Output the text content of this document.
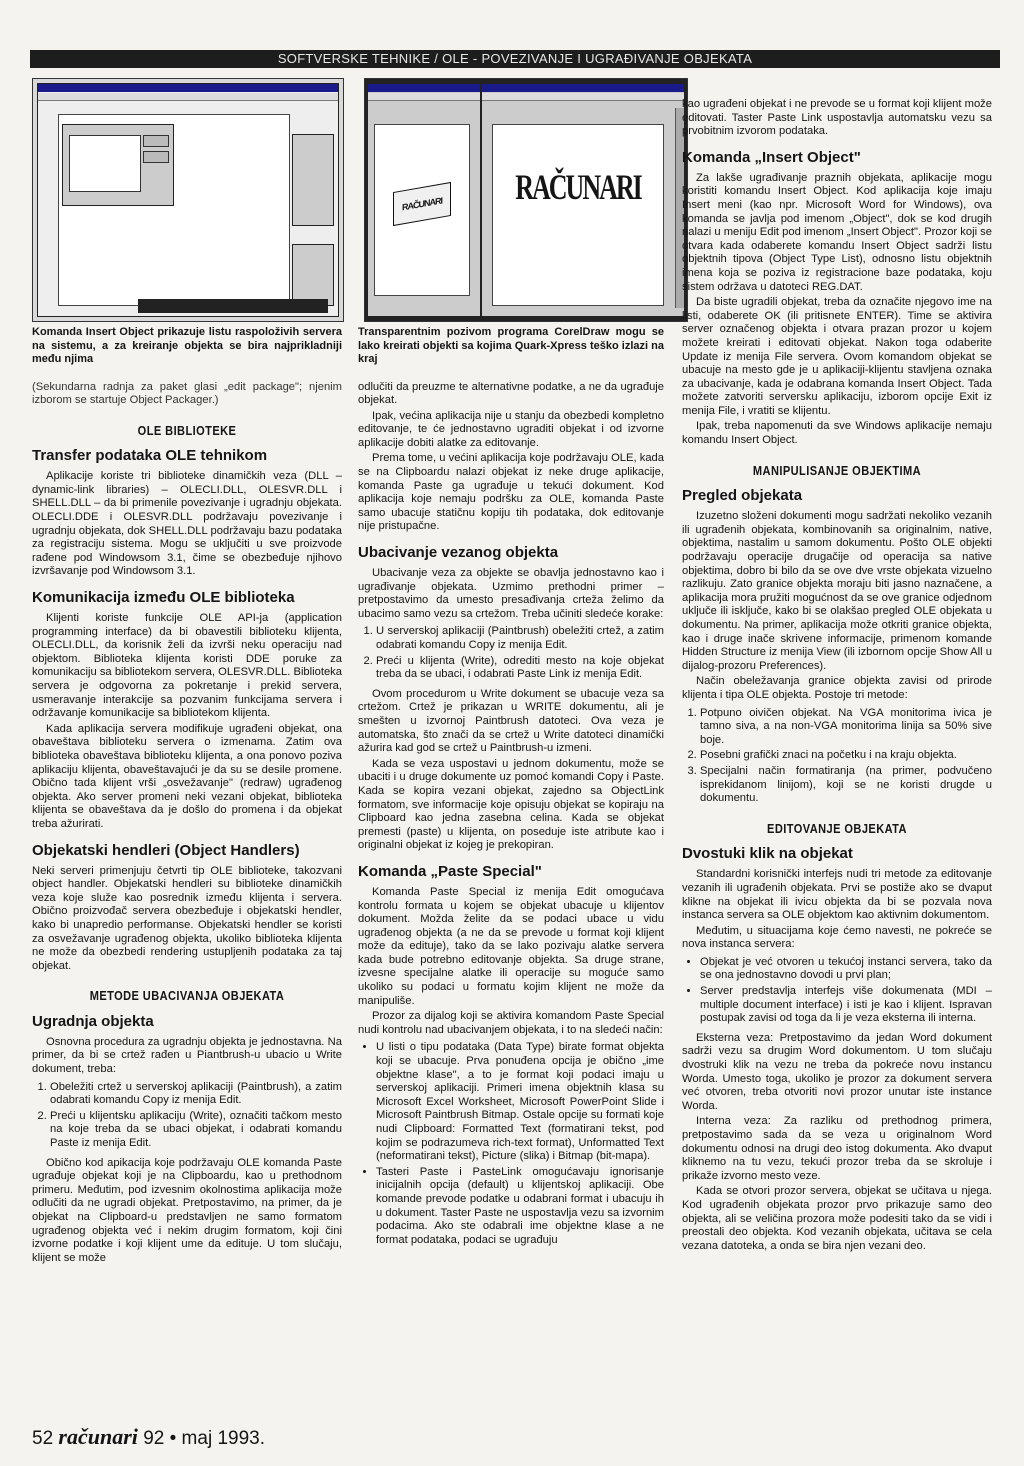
SOFTVERSKE TEHNIKE / OLE - POVEZIVANJE I UGRAĐIVANJE OBJEKATA
RAČUNARI	RAČUNARI

Komanda Insert Object prikazuje listu raspoloživih servera na sistemu, a za kreiranje objekta se bira najprikladniji među njima

(Sekundarna radnja za paket glasi „edit package"; njenim izborom se startuje Object Packager.)

OLE BIBLIOTEKE
Transfer podataka OLE tehnikom

Aplikacije koriste tri biblioteke dinamičkih veza (DLL – dynamic-link libraries) – OLECLI.DLL, OLESVR.DLL i SHELL.DLL – da bi primenile povezivanje i ugradnju objekata. OLECLI.DDE i OLESVR.DLL podržavaju povezivanje i ugradnju objekata, dok SHELL.DLL podržavaju bazu podataka za registraciju sistema. Mogu se uključiti u sve proizvode rađene pod Windowsom 3.1, čime se obezbeđuje njihovo izvršavanje pod Windowsom 3.1.

Komunikacija između OLE biblioteka

Klijenti koriste funkcije OLE API-ja (application programming interface) da bi obavestili biblioteku klijenta, OLECLI.DLL, da korisnik želi da izvrši neku operaciju nad objektom. Biblioteka klijenta koristi DDE poruke za komunikaciju sa bibliotekom servera, OLESVR.DLL. Biblioteka servera je odgovorna za pokretanje i prekid servera, usmeravanje interakcije sa pozvanim funkcijama servera i održavanje komunikacije sa bibliotekom klijenta.

Kada aplikacija servera modifikuje ugrađeni objekat, ona obaveštava biblioteku servera o izmenama. Zatim ova biblioteka obaveštava biblioteku klijenta, a ona ponovo poziva aplikaciju klijenta, obaveštavajući je da su se desile promene. Obično tada klijent vrši „osvežavanje" (redraw) ugrađenog objekta. Ako server promeni neki vezani objekat, biblioteka klijenta se obaveštava da je došlo do promena i da objekat treba ažurirati.

Objekatski hendleri (Object Handlers)

Neki serveri primenjuju četvrti tip OLE biblioteke, takozvani object handler. Objekatski hendleri su biblioteke dinamičkih veza koje služe kao posrednik između klijenta i servera. Obično proizvođač servera obezbeđuje i objekatski hendler, kako bi unapredio performanse. Objekatski hendler se koristi za osvežavanje ugrađenog objekta, ukoliko biblioteka klijenta ne može da obezbedi rendering ustupljenih podataka za taj objekat.

METODE UBACIVANJA OBJEKATA
Ugradnja objekta

Osnovna procedura za ugradnju objekta je jednostavna. Na primer, da bi se crtež rađen u Piantbrush-u ubacio u Write dokument, treba:

1. Obeležiti crtež u serverskoj aplikaciji (Paintbrush), a zatim odabrati komandu Copy iz menija Edit.
2. Preći u klijentsku aplikaciju (Write), označiti tačkom mesto na koje treba da se ubaci objekat, i odabrati komandu Paste iz menija Edit.

Obično kod apikacija koje podržavaju OLE komanda Paste ugrađuje objekat koji je na Clipboardu, kao u prethodnom primeru. Međutim, pod izvesnim okolnostima aplikacija može odlučiti da ne ugradi objekat. Pretpostavimo, na primer, da je objekat na Clipboard-u predstavljen ne samo formatom ugrađenog objekta već i nekim drugim formatom, koji čini izvorne podatke i koji klijent ume da edituje. U tom slučaju, klijent se može

Transparentnim pozivom programa CorelDraw mogu se lako kreirati objekti sa kojima Quark-Xpress teško izlazi na kraj

odlučiti da preuzme te alternativne podatke, a ne da ugrađuje objekat.

Ipak, većina aplikacija nije u stanju da obezbedi kompletno editovanje, te će jednostavno ugraditi objekat i od izvorne aplikacije dobiti alatke za editovanje.

Prema tome, u većini aplikacija koje podržavaju OLE, kada se na Clipboardu nalazi objekat iz neke druge aplikacije, komanda Paste ga ugrađuje u tekući dokument. Kod aplikacija koje nemaju podršku za OLE, komanda Paste samo ubacuje statičnu kopiju tih podataka, dok editovanje nije pristupačne.

Ubacivanje vezanog objekta

Ubacivanje veza za objekte se obavlja jednostavno kao i ugrađivanje objekata. Uzmimo prethodni primer – pretpostavimo da umesto presađivanja crteža želimo da ubacimo samo vezu sa crtežom. Treba učiniti sledeće korake:

1. U serverskoj aplikaciji (Paintbrush) obeležiti crtež, a zatim odabrati komandu Copy iz menija Edit.
2. Preći u klijenta (Write), odrediti mesto na koje objekat treba da se ubaci, i odabrati Paste Link iz menija Edit.

Ovom procedurom u Write dokument se ubacuje veza sa crtežom. Crtež je prikazan u WRITE dokumentu, ali je smešten u izvornoj Paintbrush datoteci. Ova veza je automatska, što znači da se crtež u Write datoteci dinamički ažurira kad god se crtež u Paintbrush-u izmeni.

Kada se veza uspostavi u jednom dokumentu, može se ubaciti i u druge dokumente uz pomoć komandi Copy i Paste. Kada se kopira vezani objekat, zajedno sa ObjectLink formatom, sve informacije koje opisuju objekat se kopiraju na Clipboard kao jedna zasebna celina. Kada se objekat premesti (paste) u klijenta, on poseduje iste atribute kao i originalni objekat iz kojeg je prekopiran.

Komanda „Paste Special"

Komanda Paste Special iz menija Edit omogućava kontrolu formata u kojem se objekat ubacuje u klijentov dokument. Možda želite da se podaci ubace u vidu ugrađenog objekta (a ne da se prevode u format koji klijent može da edituje), tako da se lako pozivaju alatke servera kada bude potrebno editovanje objekta. Sa druge strane, izvesne specijalne alatke ili operacije su moguće samo ukoliko su podaci u formatu kojim klijent ne može da manipuliše.

Prozor za dijalog koji se aktivira komandom Paste Special nudi kontrolu nad ubacivanjem objekata, i to na sledeći način:

• U listi o tipu podataka (Data Type) birate format objekta koji se ubacuje. Prva ponuđena opcija je obično „ime objektne klase", a to je format koji podaci imaju u serverskoj aplikaciji. Primeri imena objektnih klasa su Microsoft Excel Worksheet, Microsoft PowerPoint Slide i Microsoft Paintbrush Bitmap. Ostale opcije su formati koje nudi Clipboard: Formatted Text (formatirani tekst, pod kojim se podrazumeva rich-text format), Unformatted Text (neformatirani tekst), Picture (slika) i Bitmap (bit-mapa).
• Tasteri Paste i PasteLink omogućavaju ignorisanje inicijalnih opcija (default) u klijentskoj aplikaciji. Obe komande prevode podatke u odabrani format i ubacuju ih u dokument. Taster Paste ne uspostavlja vezu sa izvornim podacima. Ako ste odabrali ime objektne klase a ne format podataka, podaci se ugrađuju

kao ugrađeni objekat i ne prevode se u format koji klijent može editovati. Taster Paste Link uspostavlja automatsku vezu sa prvobitnim izvorom podataka.

Komanda „Insert Object"

Za lakše ugrađivanje praznih objekata, aplikacije mogu koristiti komandu Insert Object. Kod aplikacija koje imaju Insert meni (kao npr. Microsoft Word for Windows), ova komanda se javlja pod imenom „Object", dok se kod drugih nalazi u meniju Edit pod imenom „Insert Object". Prozor koji se otvara kada odaberete komandu Insert Object sadrži listu objektnih tipova (Object Type List), odnosno listu objektnih imena koja se poziva iz registracione baze podataka, koju sistem održava u datoteci REG.DAT.

Da biste ugradili objekat, treba da označite njegovo ime na listi, odaberete OK (ili pritisnete ENTER). Time se aktivira server označenog objekta i otvara prazan prozor u kojem možete kreirati i editovati objekat. Nakon toga odaberite Update iz menija File servera. Ovom komandom objekat se ubacuje na mesto gde je u aplikaciji-klijentu stavljena oznaka za ubacivanje, kada je odabrana komanda Insert Object. Tada možete zatvoriti serversku aplikaciju, izborom opcije Exit iz menija File, i vratiti se klijentu.

Ipak, treba napomenuti da sve Windows aplikacije nemaju komandu Insert Object.

MANIPULISANJE OBJEKTIMA
Pregled objekata

Izuzetno složeni dokumenti mogu sadržati nekoliko vezanih ili ugrađenih objekata, kombinovanih sa originalnim, native, objektima, nastalim u samom dokumentu. Pošto OLE objekti podržavaju operacije drugačije od operacija sa native objektima, dobro bi bilo da se ove dve vrste objekata vizuelno razlikuju. Zato granice objekta moraju biti jasno naznačene, a aplikacija mora pružiti mogućnost da se ove granice odjednom uključe ili isključe, kako bi se olakšao pregled OLE objekata u dokumentu. Na primer, aplikacija može otkriti granice objekta, kao i druge inače skrivene informacije, primenom komande Hidden Structure iz menija View (ili izbornom opcije Show All u dijalog-prozoru Preferences).

Način obeležavanja granice objekta zavisi od prirode klijenta i tipa OLE objekta. Postoje tri metode:

1. Potpuno oivičen objekat. Na VGA monitorima ivica je tamno siva, a na non-VGA monitorima linija sa 50% sive boje.
2. Posebni grafički znaci na početku i na kraju objekta.
3. Specijalni način formatiranja (na primer, podvučeno isprekidanom linijom), koji se ne koristi drugde u dokumentu.
EDITOVANJE OBJEKATA
Dvostuki klik na objekat

Standardni korisnički interfejs nudi tri metode za editovanje vezanih ili ugrađenih objekata. Prvi se postiže ako se dvaput klikne na objekat ili ivicu objekta da bi se pozvala nova instanca servera sa OLE objektom kao aktivnim dokumentom.

Međutim, u situacijama koje ćemo navesti, ne pokreće se nova instanca servera:

• Objekat je već otvoren u tekućoj instanci servera, tako da se ona jednostavno dovodi u prvi plan;
• Server predstavlja interfejs više dokumenata (MDI – multiple document interface) i isti je kao i klijent. Ispravan postupak zavisi od toga da li je veza eksterna ili interna.

Eksterna veza: Pretpostavimo da jedan Word dokument sadrži vezu sa drugim Word dokumentom. U tom slučaju dvostruki klik na vezu ne treba da pokreće novu instancu Worda. Umesto toga, ukoliko je prozor za dokument servera već otvoren, treba otvoriti novi prozor unutar iste instance Worda.

Interna veza: Za razliku od prethodnog primera, pretpostavimo sada da se veza u originalnom Word dokumentu odnosi na drugi deo istog dokumenta. Ako dvaput kliknemo na tu vezu, tekući prozor treba da se skroluje i prikaže izvorno mesto veze.

Kada se otvori prozor servera, objekat se učitava u njega. Kod ugrađenih objekata prozor prvo prikazuje samo deo objekta, ali se veličina prozora može podesiti tako da se vidi i preostali deo objekta. Kod vezanih objekata, učitava se cela vezana datoteka, a onda se bira njen vezani deo.

52 računari 92 • maj 1993.
